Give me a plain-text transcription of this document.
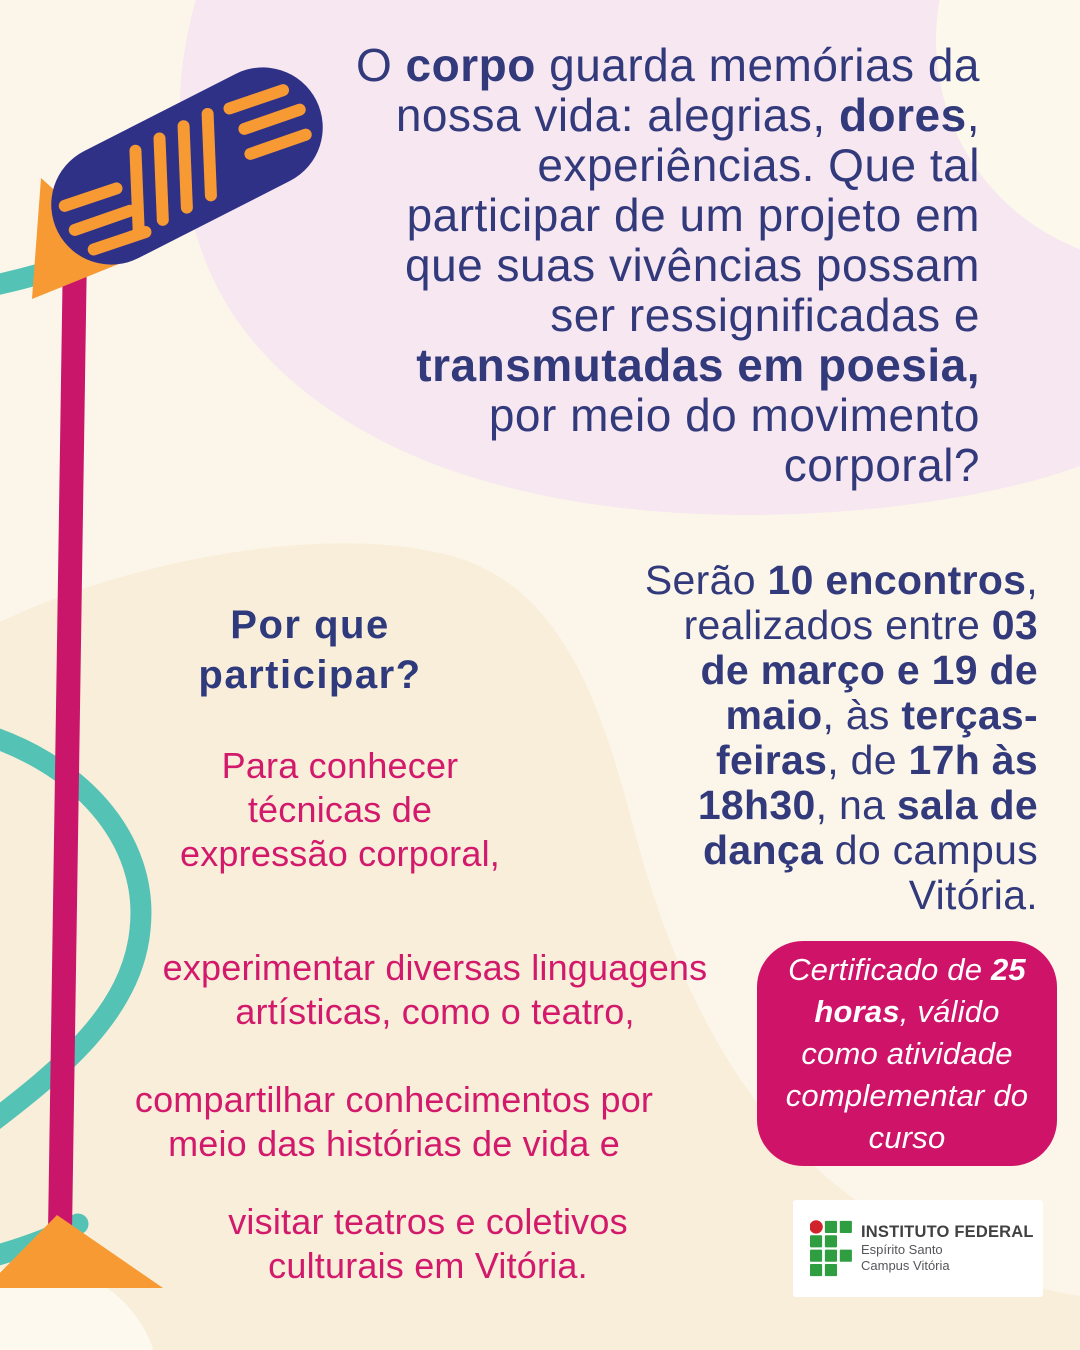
O corpo guarda memórias da
nossa vida: alegrias, dores,
experiências. Que tal
participar de um projeto em
que suas vivências possam
ser ressignificadas e
transmutadas em poesia,
por meio do movimento
corporal?
Serão 10 encontros,
realizados entre 03
de março e 19 de
maio, às terças-
feiras, de 17h às
18h30, na sala de
dança do campus
Vitória.
Por que
participar?
Para conhecer
técnicas de
expressão corporal,
experimentar diversas linguagens
artísticas, como o teatro,
compartilhar conhecimentos por
meio das histórias de vida e
visitar teatros e coletivos
culturais em Vitória.
Certificado de 25
horas, válido
como atividade
complementar do
curso
INSTITUTO FEDERAL
Espírito Santo
Campus Vitória
